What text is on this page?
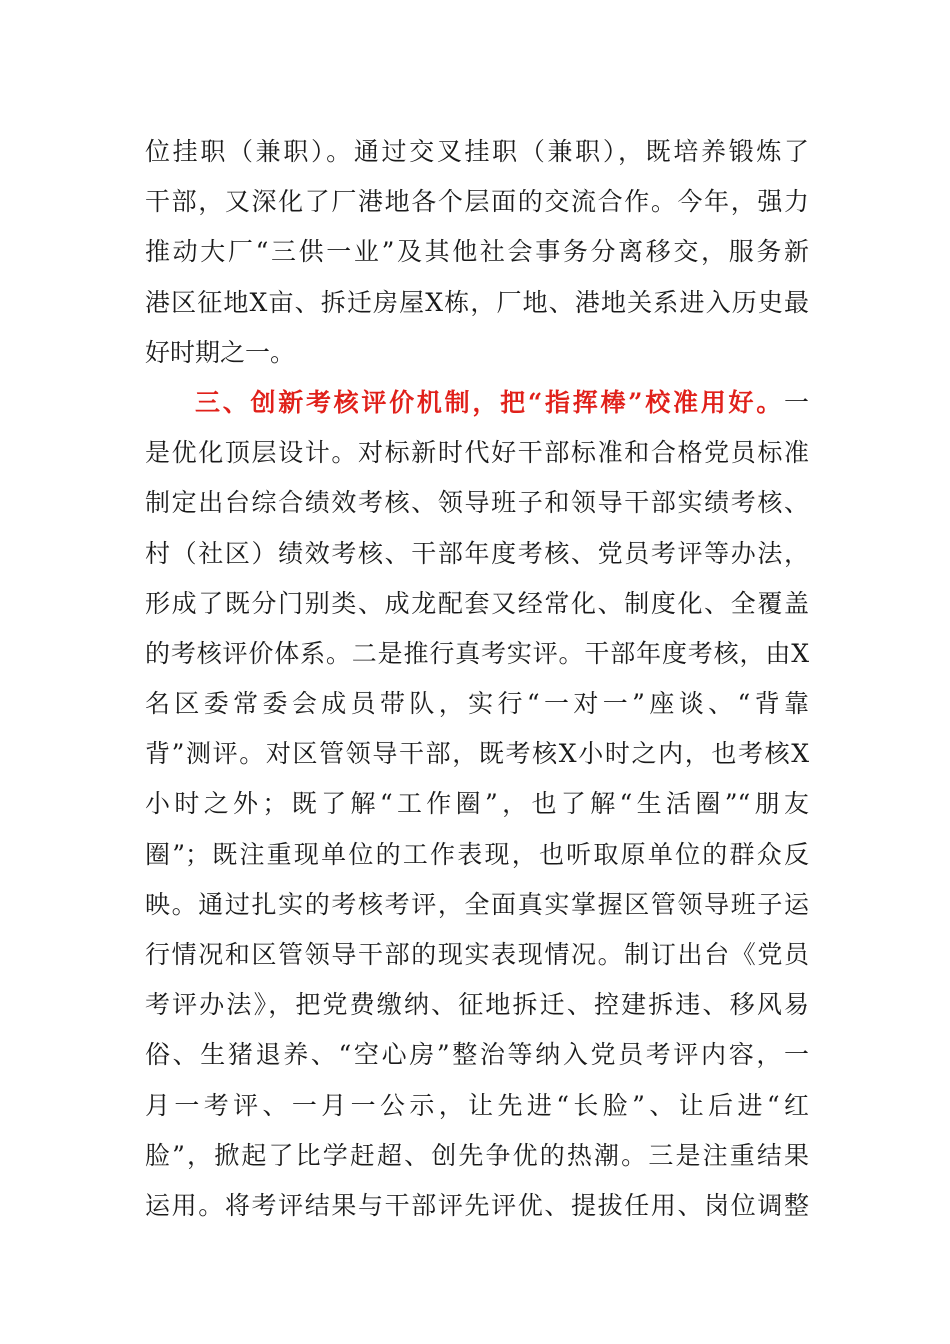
位挂职（兼职）。通过交叉挂职（兼职），既培养锻炼了
干部，又深化了厂港地各个层面的交流合作。今年，强力
推动大厂“三供一业”及其他社会事务分离移交，服务新
港区征地X亩、拆迁房屋X栋，厂地、港地关系进入历史最
好时期之一。
三、创新考核评价机制，把“指挥棒”校准用好。一
是优化顶层设计。对标新时代好干部标准和合格党员标准
制定出台综合绩效考核、领导班子和领导干部实绩考核、
村（社区）绩效考核、干部年度考核、党员考评等办法，
形成了既分门别类、成龙配套又经常化、制度化、全覆盖
的考核评价体系。二是推行真考实评。干部年度考核，由X
名区委常委会成员带队，实行“一对一”座谈、“背靠
背”测评。对区管领导干部，既考核X小时之内，也考核X
小时之外；既了解“工作圈”，也了解“生活圈”“朋友
圈”；既注重现单位的工作表现，也听取原单位的群众反
映。通过扎实的考核考评，全面真实掌握区管领导班子运
行情况和区管领导干部的现实表现情况。制订出台《党员
考评办法》，把党费缴纳、征地拆迁、控建拆违、移风易
俗、生猪退养、“空心房”整治等纳入党员考评内容，一
月一考评、一月一公示，让先进“长脸”、让后进“红
脸”，掀起了比学赶超、创先争优的热潮。三是注重结果
运用。将考评结果与干部评先评优、提拔任用、岗位调整
